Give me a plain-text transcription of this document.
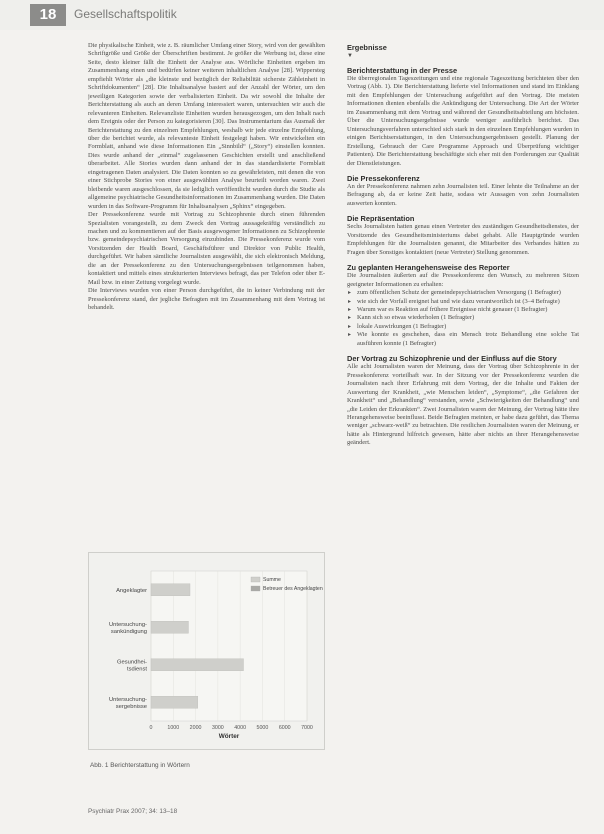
18	Gesellschaftspolitik

Die physikalische Einheit, wie z. B. räumlicher Umfang einer Story, wird von der gewählten Schriftgröße und Größe der Überschriften bestimmt. Je größer die Werbung ist, diese eine Seite, desto kleiner fällt die Einheit der Analyse aus. Wörtliche Einheiten ergeben im Zusammenhang einen und bedürfen keiner weiteren inhaltlichen Analyse [28]. Wippersteg empfiehlt Wörter als „die kleinste und bezüglich der Reliabilität sicherste Zähleinheit in Schriftdokumenten“ [28]. Die Inhaltsanalyse basiert auf der Anzahl der Wörter, um den jeweiligen Kategorien sowie der verbalisierten Einheit. Da wir sowohl die Inhalte der Berichterstattung als auch an deren Umfang interessiert waren, untersuchten wir auch die relevanteren Einheiten. Relevanzliste Einheiten wurden herausgezogen, um den Inhalt nach dem Ereignis oder der Person zu kategorisieren [30]. Das Instrumentarium das Ausmaß der Berichterstattung zu den einzelnen Empfehlungen, weshalb wir jede einzelne Empfehlung, über die berichtet wurde, als relevanteste Einheit festgelegt haben. Wir entwickelten ein Formblatt, anhand wie diese Informationen Ein „Sinnbild“ („Story“) einstellen konnten. Dies wurde anhand der „einmal“ zugelassenen Geschichten erstellt und anschließend überarbeitet. Alle Stories wurden dann anhand der in das standardisierte Formblatt eingetragenen Daten analysiert. Die Daten konnten so zu gewährleisten, mit denen die von einer Stichprobe Stories von einer ausgewählten Analyse beurteilt worden waren. Zwei bleibende waren ausgeschlossen, da sie lediglich veröffentlicht wurden durch die Studie als allgemeine psychiatrische Gesundheitsinformationen im Zusammenhang wurden. Die Daten wurden in das Software-Programm für Inhaltsanalysen „Sphinx“ eingegeben.

Der Pressekonferenz wurde mit Vortrag zu Schizophrenie durch einen führenden Spezialisten vorangestellt, zu dem Zweck den Vortrag aussagekräftig verständlich zu machen und zu kommentieren auf der Basis ausgewogener Informationen zu Schizophrenie bzw. gemeindepsychiatrischen Versorgung einzubinden. Die Pressekonferenz wurde vom Vorsitzenden der Health Board, Geschäftsführer und Direktor von Public Health, durchgeführt. Wir haben sämtliche Journalisten ausgewählt, die sich elektronisch Meldung, die an der Pressekonferenz zu den Untersuchungsergebnissen teilgenommen haben, kontaktiert und mittels eines strukturierten Interviews befragt, das per Telefon oder über E-Mail bzw. in einer Zeitung vorgelegt wurde.

Die Interviews wurden von einer Person durchgeführt, die in keiner Verbindung mit der Pressekonferenz stand, der jegliche Befragten mit im Zusammenhang mit dem Vortrag ist behandelt.

0	1000 2000 3000 4000 5000 6000 7000
Wörter
Angeklagter
Untersuchung-
sankündigung
Gesundhei-
tsdienst
Untersuchung-
sergebnisse
Summe
Betreuer des Angeklagten
Abb. 1 Berichterstattung in Wörtern
Ergebnisse
▼
Berichterstattung in der Presse

Die überregionalen Tageszeitungen und eine regionale Tageszeitung berichteten über den Vortrag (Abb. 1). Die Berichterstattung lieferte viel Informationen und stand im Einklang mit den Empfehlungen der Untersuchung aufgeführt auf den Vortrag. Die meisten Informationen dienten ebenfalls die Ankündigung der Untersuchung. Die Art der Wörter im Zusammenhang mit dem Vortrag und während der Gesundheitsabteilung am höchsten. Über die Untersuchungsergebnisse wurde weniger ausführlich berichtet. Das Untersuchungsverfahren unterschied sich stark in den einzelnen Empfehlungen wurden in einigen Berichtserstattungen, in den Untersuchungsergebnissen gestellt. Planung der Erstellung, Gebrauch der Care Programme Approach und Überprüfung wichtiger Patienten). Die Berichterstattung beschäftigte sich eher mit den Forderungen zur Qualität der Dienstleistungen.

Die Pressekonferenz

An der Pressekonferenz nahmen zehn Journalisten teil. Einer lehnte die Teilnahme an der Befragung ab, da er keine Zeit hatte, sodass wir Aussagen von zehn Journalisten auswerten konnten.

Die Repräsentation

Sechs Journalisten hatten genau einen Vertreter des zuständigen Gesundheitsdienstes, der Vorsitzende des Gesundheitsministeriums dabei gehabt. Alle Hauptgründe wurden Empfehlungen für die Journalisten genannt, die Mitarbeiter des Verbandes hätten zu Fragen über Sonstiges kontaktiert (neue Vertreter) Stellung genommen.

Zu geplanten Herangehensweise des Reporter

Die Journalisten äußerten auf die Pressekonferenz den Wunsch, zu mehreren Sitzen geeigneter Informationen zu erhalten:

▸ zum öffentlichen Schutz der gemeindepsychiatrischen Versorgung (1 Befragter)
▸ wie sich der Vorfall ereignet hat und wie dazu verantwortlich ist (3–4 Befragte)
▸ Warum war es Reaktion auf frühere Ereignisse nicht genauer (1 Befragter)
▸ Kann sich so etwas wiederholen (1 Befragter)
▸ lokale Auswirkungen (1 Befragter)
▸ Wie konnte es geschehen, dass ein Mensch trotz Behandlung eine solche Tat ausführen konnte (1 Befragter)
Der Vortrag zu Schizophrenie und der Einfluss auf die Story

Alle acht Journalisten waren der Meinung, dass der Vortrag über Schizophrenie in der Pressekonferenz vorteilhaft war. In der Sitzung vor der Pressekonferenz wurden die Journalisten nach ihrer Erfahrung mit dem Vortrag, der die Inhalte und Fakten der Auswertung der Krankheit, „wie Menschen leiden“, „Symptome“, „die Gefahren der Krankheit“ und „Behandlung“ verstanden, sowie „Schwierigkeiten der Behandlung“ und „die Leiden der Erkrankten“. Zwei Journalisten waren der Meinung, der Vortrag hätte ihre Herangehensweise beeinflusst. Beide Befragten meinten, er habe dazu geführt, das Thema weniger „schwarz-weiß“ zu betrachten. Die restlichen Journalisten waren der Meinung, er hätte als Hintergrund hilfreich gewesen, hätte aber nichts an ihrer Herangehensweise geändert.

Psychiatr Prax 2007; 34: 13–18
